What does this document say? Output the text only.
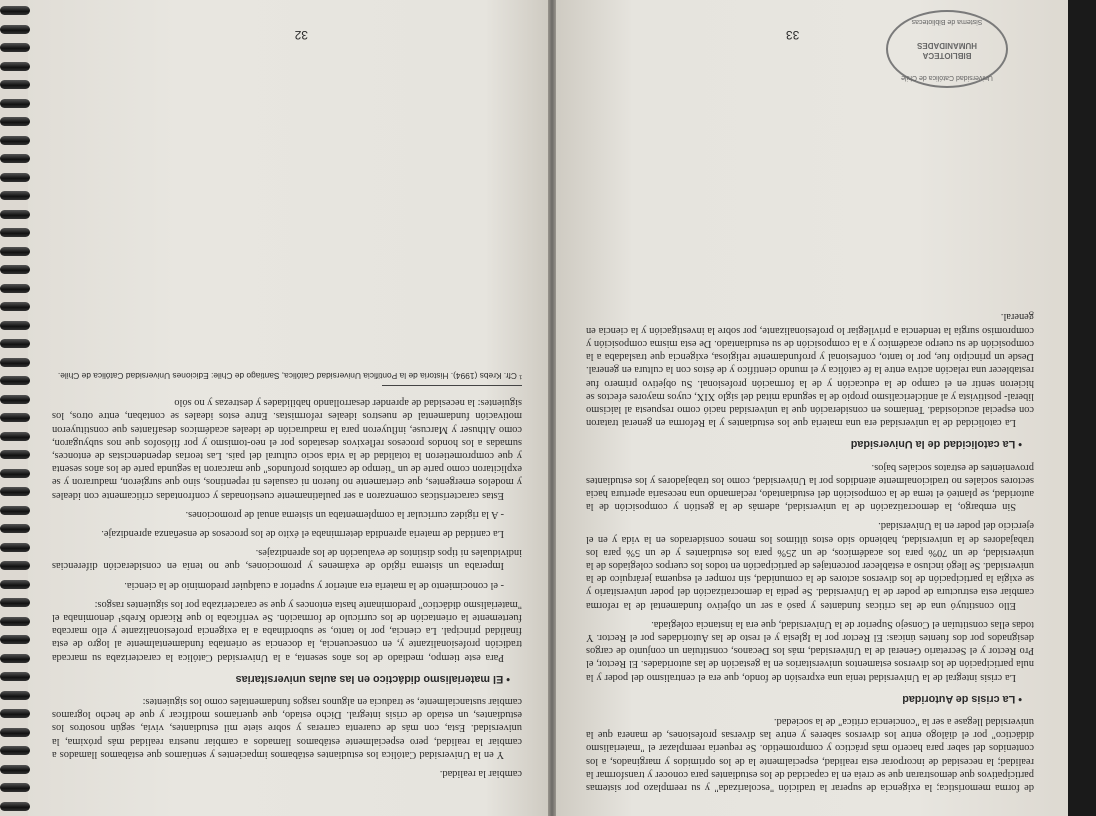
de forma memorística; la exigencia de superar la tradición "escolarizada" y su reemplazo por sistemas participativos que demostraran que se creía en la capacidad de los estudiantes para conocer y transformar la realidad; la necesidad de incorporar esta realidad, especialmente la de los oprimidos y marginados, a los contenidos del saber para hacerlo más práctico y comprometido. Se requería reemplazar el "materialismo didáctico" por el diálogo entre los diversos saberes y entre las diversas profesiones, de manera que la universidad llegase a ser la "conciencia crítica" de la sociedad.

• La crisis de Autoridad

La crisis integral de la Universidad tenía una expresión de fondo, que era el centralismo del poder y la nula participación de los diversos estamentos universitarios en la gestación de las autoridades. El Rector, el Pro Rector y el Secretario General de la Universidad, más los Decanos, constituían un conjunto de cargos designados por dos fuentes únicas: El Rector por la Iglesia y el resto de las Autoridades por el Rector. Y todas ellas constituían el Consejo Superior de la Universidad, que era la instancia colegiada.

Ello constituyó una de las críticas fundantes y pasó a ser un objetivo fundamental de la reforma cambiar esta estructura de poder de la Universidad. Se pedía la democratización del poder universitario y se exigía la participación de los diversos actores de la comunidad, sin romper el esquema jerárquico de la universidad. Se llegó incluso a establecer porcentajes de participación en todos los cuerpos colegiados de la universidad, de un 70% para los académicos, de un 25% para los estudiantes y de un 5% para los trabajadores de la universidad, habiendo sido estos últimos los menos considerados en la vida y en el ejercicio del poder en la Universidad.

Sin embargo, la democratización de la universidad, además de la gestión y composición de la autoridad, se planteó el tema de la composición del estudiantado, reclamando una necesaria apertura hacia sectores sociales no tradicionalmente atendidos por la Universidad, como los trabajadores y los estudiantes provenientes de estratos sociales bajos.

• La catolicidad de la Universidad

La catolicidad de la universidad era una materia que los estudiantes y la Reforma en general trataron con especial acuciosidad. Teníamos en consideración que la universidad nació como respuesta al laicismo liberal- positivista y al anticlericalismo propio de la segunda mitad del siglo XIX, cuyos mayores efectos se hicieron sentir en el campo de la educación y de la formación profesional. Su objetivo primero fue restablecer una relación activa entre la fe católica y el mundo científico y de éstos con la cultura en general. Desde un principio fue, por lo tanto, confesional y profundamente religiosa, exigencia que trasladaba a la composición de su cuerpo académico y a la composición de su estudiantado. De esta misma composición y compromiso surgía la tendencia a privilegiar lo profesionalizante, por sobre la investigación y la ciencia en general.

33
Universidad Católica de Chile
BIBLIOTECA HUMANIDADES
Sistema de Bibliotecas

cambiar la realidad.

Y en la Universidad Católica los estudiantes estábamos impacientes y sentíamos que estábamos llamados a cambiar la realidad, pero especialmente estábamos llamados a cambiar nuestra realidad más próxima, la universidad. Esta, con más de cuarenta carreras y sobre siete mil estudiantes, vivía, según nosotros los estudiantes, un estado de crisis integral. Dicho estado, que queríamos modificar y que de hecho logramos cambiar sustancialmente, se traducía en algunos rasgos fundamentales como los siguientes:

• El materialismo didáctico en las aulas universitarias

Para este tiempo, mediado de los años sesenta, a la Universidad Católica la caracterizaba su marcada tradición profesionalizante y, en consecuencia, la docencia se orientaba fundamentalmente al logro de esta finalidad principal. La ciencia, por lo tanto, se subordinaba a la exigencia profesionalizante y ello marcaba fuertemente la orientación de los currículo de formación. Se verificaba lo que Ricardo Krebs¹ denominaba el "materialismo didáctico" predominante hasta entonces y que se caracterizaba por los siguientes rasgos:

- el conocimiento de la materia era anterior y superior a cualquier predominio de la ciencia.

Imperaba un sistema rígido de exámenes y promociones, que no tenía en consideración diferencias individuales ni tipos distintos de evaluación de los aprendizajes.

La cantidad de materia aprendida determinaba el éxito de los procesos de enseñanza aprendizaje.

- A la rigidez curricular la complementaba un sistema anual de promociones.

Estas características comenzaron a ser paulatinamente cuestionadas y confrontadas críticamente con ideales y modelos emergentes, que ciertamente no fueron ni casuales ni repentinos, sino que surgieron, maduraron y se explicitaron como parte de un "tiempo de cambios profundos" que marcaron la segunda parte de los años sesenta y que comprometieron la totalidad de la vida socio cultural del país. Las teorías dependencistas de entonces, sumadas a los hondos procesos reflexivos desatados por el neo-tomismo y por filósofos que nos subyugaron, como Althuser y Marcuse, influyeron para la maduración de ideales académicos desafiantes que constituyeron motivación fundamental de nuestros ideales reformistas. Entre estos ideales se contaban, entre otros, los siguientes: la necesidad de aprender desarrollando habilidades y destrezas y no sólo

¹ Cfr. Krebs (1994). Historia de la Pontificia Universidad Católica, Santiago de Chile: Ediciones Universidad Católica de Chile.

32
